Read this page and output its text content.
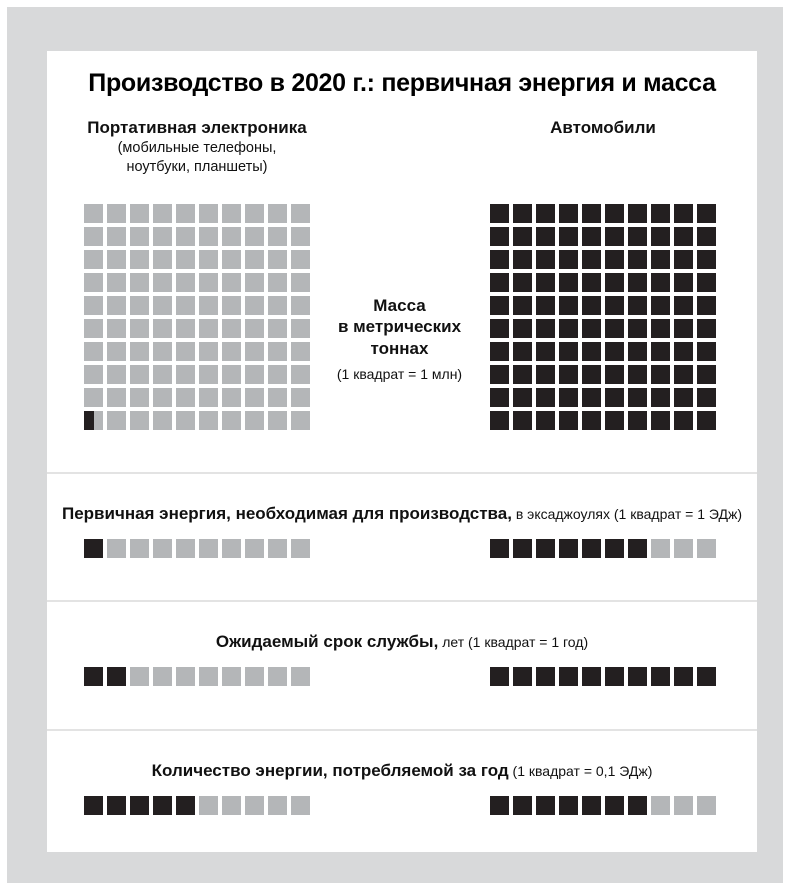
Производство в 2020 г.: первичная энергия и масса
Портативная электроника
(мобильные телефоны,
ноутбуки, планшеты)
Автомобили
Масса
в метрических
тоннах
(1 квадрат = 1 млн)
Первичная энергия, необходимая для производства, в эксаджоулях (1 квадрат = 1 ЭДж)
Ожидаемый срок службы, лет (1 квадрат = 1 год)
Количество энергии, потребляемой за год (1 квадрат = 0,1 ЭДж)
